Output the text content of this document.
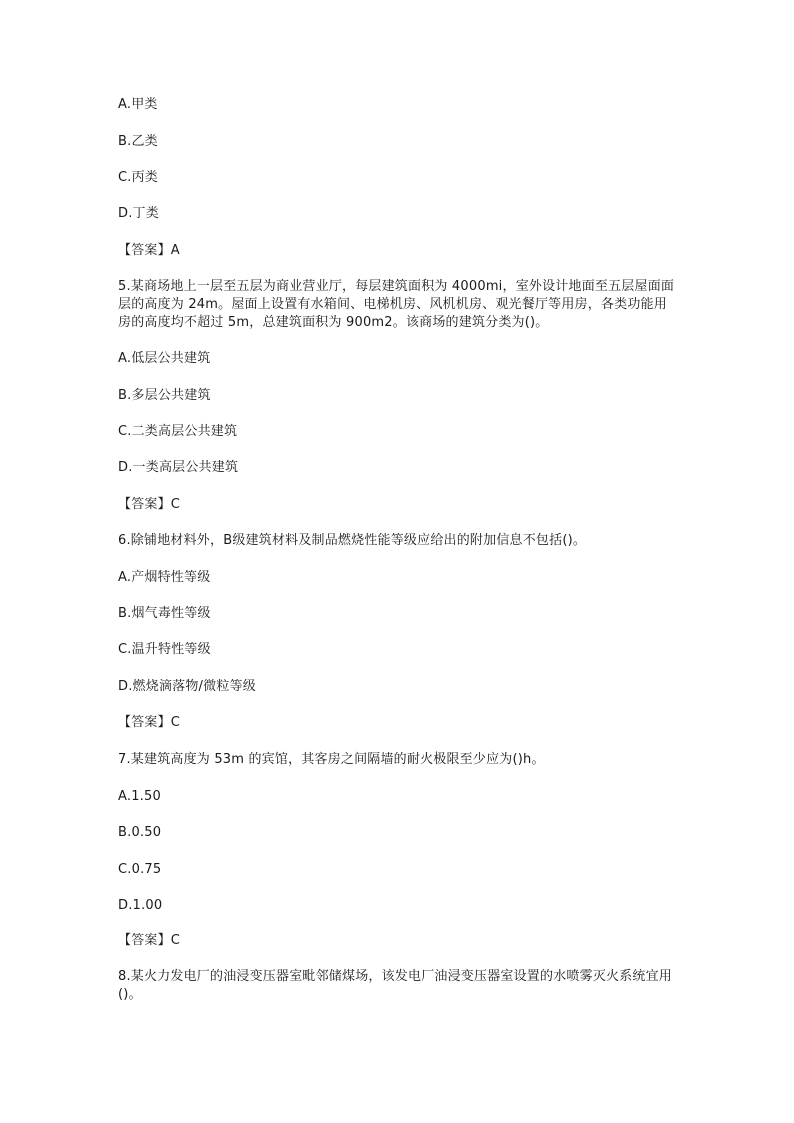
A.甲类
B.乙类
C.丙类
D.丁类
【答案】A
5.某商场地上一层至五层为商业营业厅，每层建筑面积为 4000mi，室外设计地面至五层屋面面层的高度为 24m。屋面上设置有水箱间、电梯机房、风机机房、观光餐厅等用房，各类功能用房的高度均不超过 5m，总建筑面积为 900m2。该商场的建筑分类为()。
A.低层公共建筑
B.多层公共建筑
C.二类高层公共建筑
D.一类高层公共建筑
【答案】C
6.除铺地材料外，B级建筑材料及制品燃烧性能等级应给出的附加信息不包括()。
A.产烟特性等级
B.烟气毒性等级
C.温升特性等级
D.燃烧滴落物/微粒等级
【答案】C
7.某建筑高度为 53m 的宾馆，其客房之间隔墙的耐火极限至少应为()h。
A.1.50
B.0.50
C.0.75
D.1.00
【答案】C
8.某火力发电厂的油浸变压器室毗邻储煤场，该发电厂油浸变压器室设置的水喷雾灭火系统宜用()。
